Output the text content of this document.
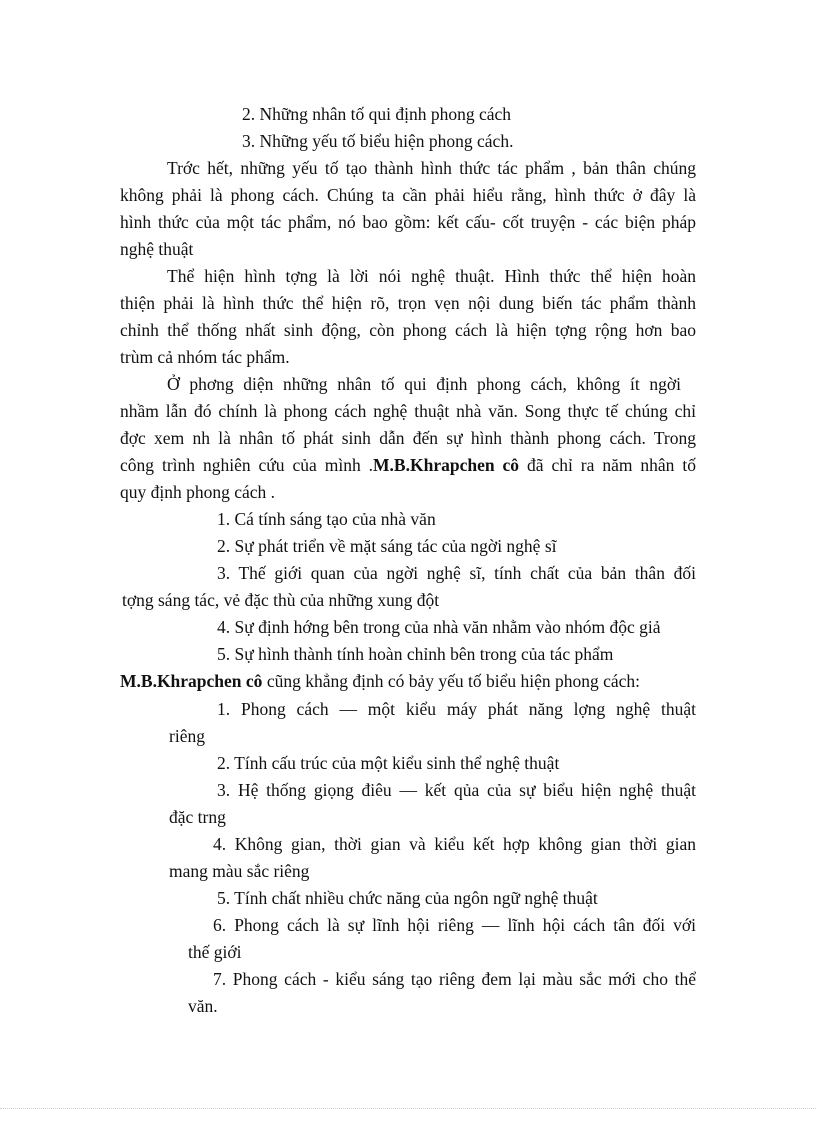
2. Những nhân tố qui định phong cách
3. Những yếu tố biểu hiện phong cách.
Trớc hết, những yếu tố tạo thành hình thức tác phẩm , bản thân chúng
không phải là phong cách. Chúng ta cần phải hiểu rằng, hình thức ở đây là
hình thức của một tác phẩm, nó bao gồm: kết cấu- cốt truyện - các biện pháp
nghệ thuật
Thể hiện hình tợng là lời nói nghệ thuật. Hình thức thể hiện hoàn
thiện phải là hình thức thể hiện rõ, trọn vẹn nội dung biến tác phẩm thành
chỉnh thể thống nhất sinh động, còn phong cách là hiện tợng rộng hơn bao
trùm cả nhóm tác phẩm.
Ở phơng diện những nhân tố qui định phong cách, không ít ngời
nhầm lẫn đó chính là phong cách nghệ thuật nhà văn. Song thực tế chúng chỉ
đợc xem nh là nhân tố phát sinh dẫn đến sự hình thành phong cách. Trong
công trình nghiên cứu của mình .M.B.Khrapchen cô đã chỉ ra năm nhân tố
quy định phong cách .
1. Cá tính sáng tạo của nhà văn
2. Sự phát triển về mặt sáng tác của ngời nghệ sĩ
3. Thế giới quan của ngời nghệ sĩ, tính chất của bản thân đối
tợng sáng tác, vẻ đặc thù của những xung đột
4. Sự định hớng bên trong của nhà văn nhằm vào nhóm độc giả
5. Sự hình thành tính hoàn chỉnh bên trong của tác phẩm
M.B.Khrapchen cô cũng khẳng định có bảy yếu tố biểu hiện phong cách:
1. Phong cách — một kiểu máy phát năng lợng nghệ thuật
riêng
2. Tính cấu trúc của một kiểu sinh thể nghệ thuật
3. Hệ thống giọng điêu — kết qủa của sự biểu hiện nghệ thuật
đặc trng
4. Không gian, thời gian và kiểu kết hợp không gian thời gian
mang màu sắc riêng
5. Tính chất nhiều chức năng của ngôn ngữ nghệ thuật
6. Phong cách là sự lĩnh hội riêng — lĩnh hội cách tân đối với
thế giới
7. Phong cách - kiểu sáng tạo riêng đem lại màu sắc mới cho thể
văn.
